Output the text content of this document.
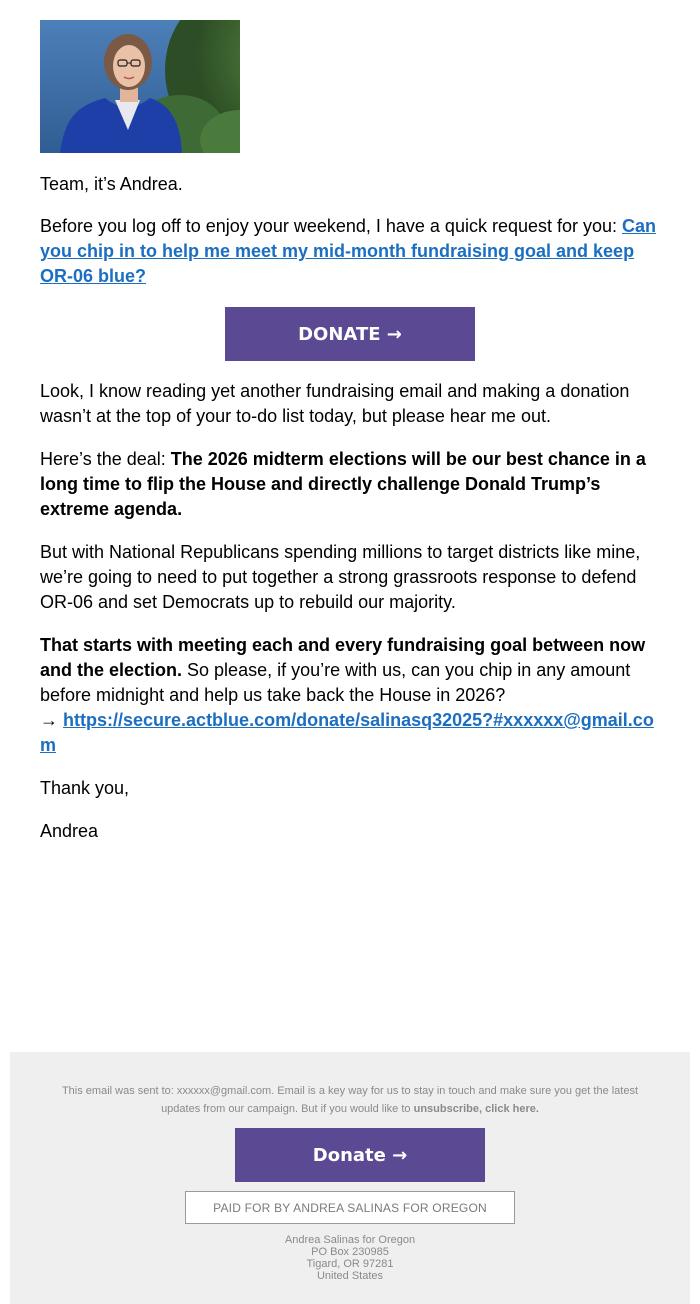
Team, it’s Andrea.

Before you log off to enjoy your weekend, I have a quick request for you: Can you chip in to help me meet my mid-month fundraising goal and keep OR-06 blue?

DONATE →

Look, I know reading yet another fundraising email and making a donation wasn’t at the top of your to-do list today, but please hear me out.

Here’s the deal: The 2026 midterm elections will be our best chance in a long time to flip the House and directly challenge Donald Trump’s extreme agenda.

But with National Republicans spending millions to target districts like mine, we’re going to need to put together a strong grassroots response to defend OR-06 and set Democrats up to rebuild our majority.

That starts with meeting each and every fundraising goal between now and the election. So please, if you’re with us, can you chip in any amount before midnight and help us take back the House in 2026?
→ https://secure.actblue.com/donate/salinasq32025?#xxxxxx@gmail.com

Thank you,

Andrea

This email was sent to: xxxxxx@gmail.com. Email is a key way for us to stay in touch and make sure you get the latest updates from our campaign. But if you would like to unsubscribe, click here.
Donate →
PAID FOR BY ANDREA SALINAS FOR OREGON
Andrea Salinas for Oregon
PO Box 230985
Tigard, OR 97281
United States
